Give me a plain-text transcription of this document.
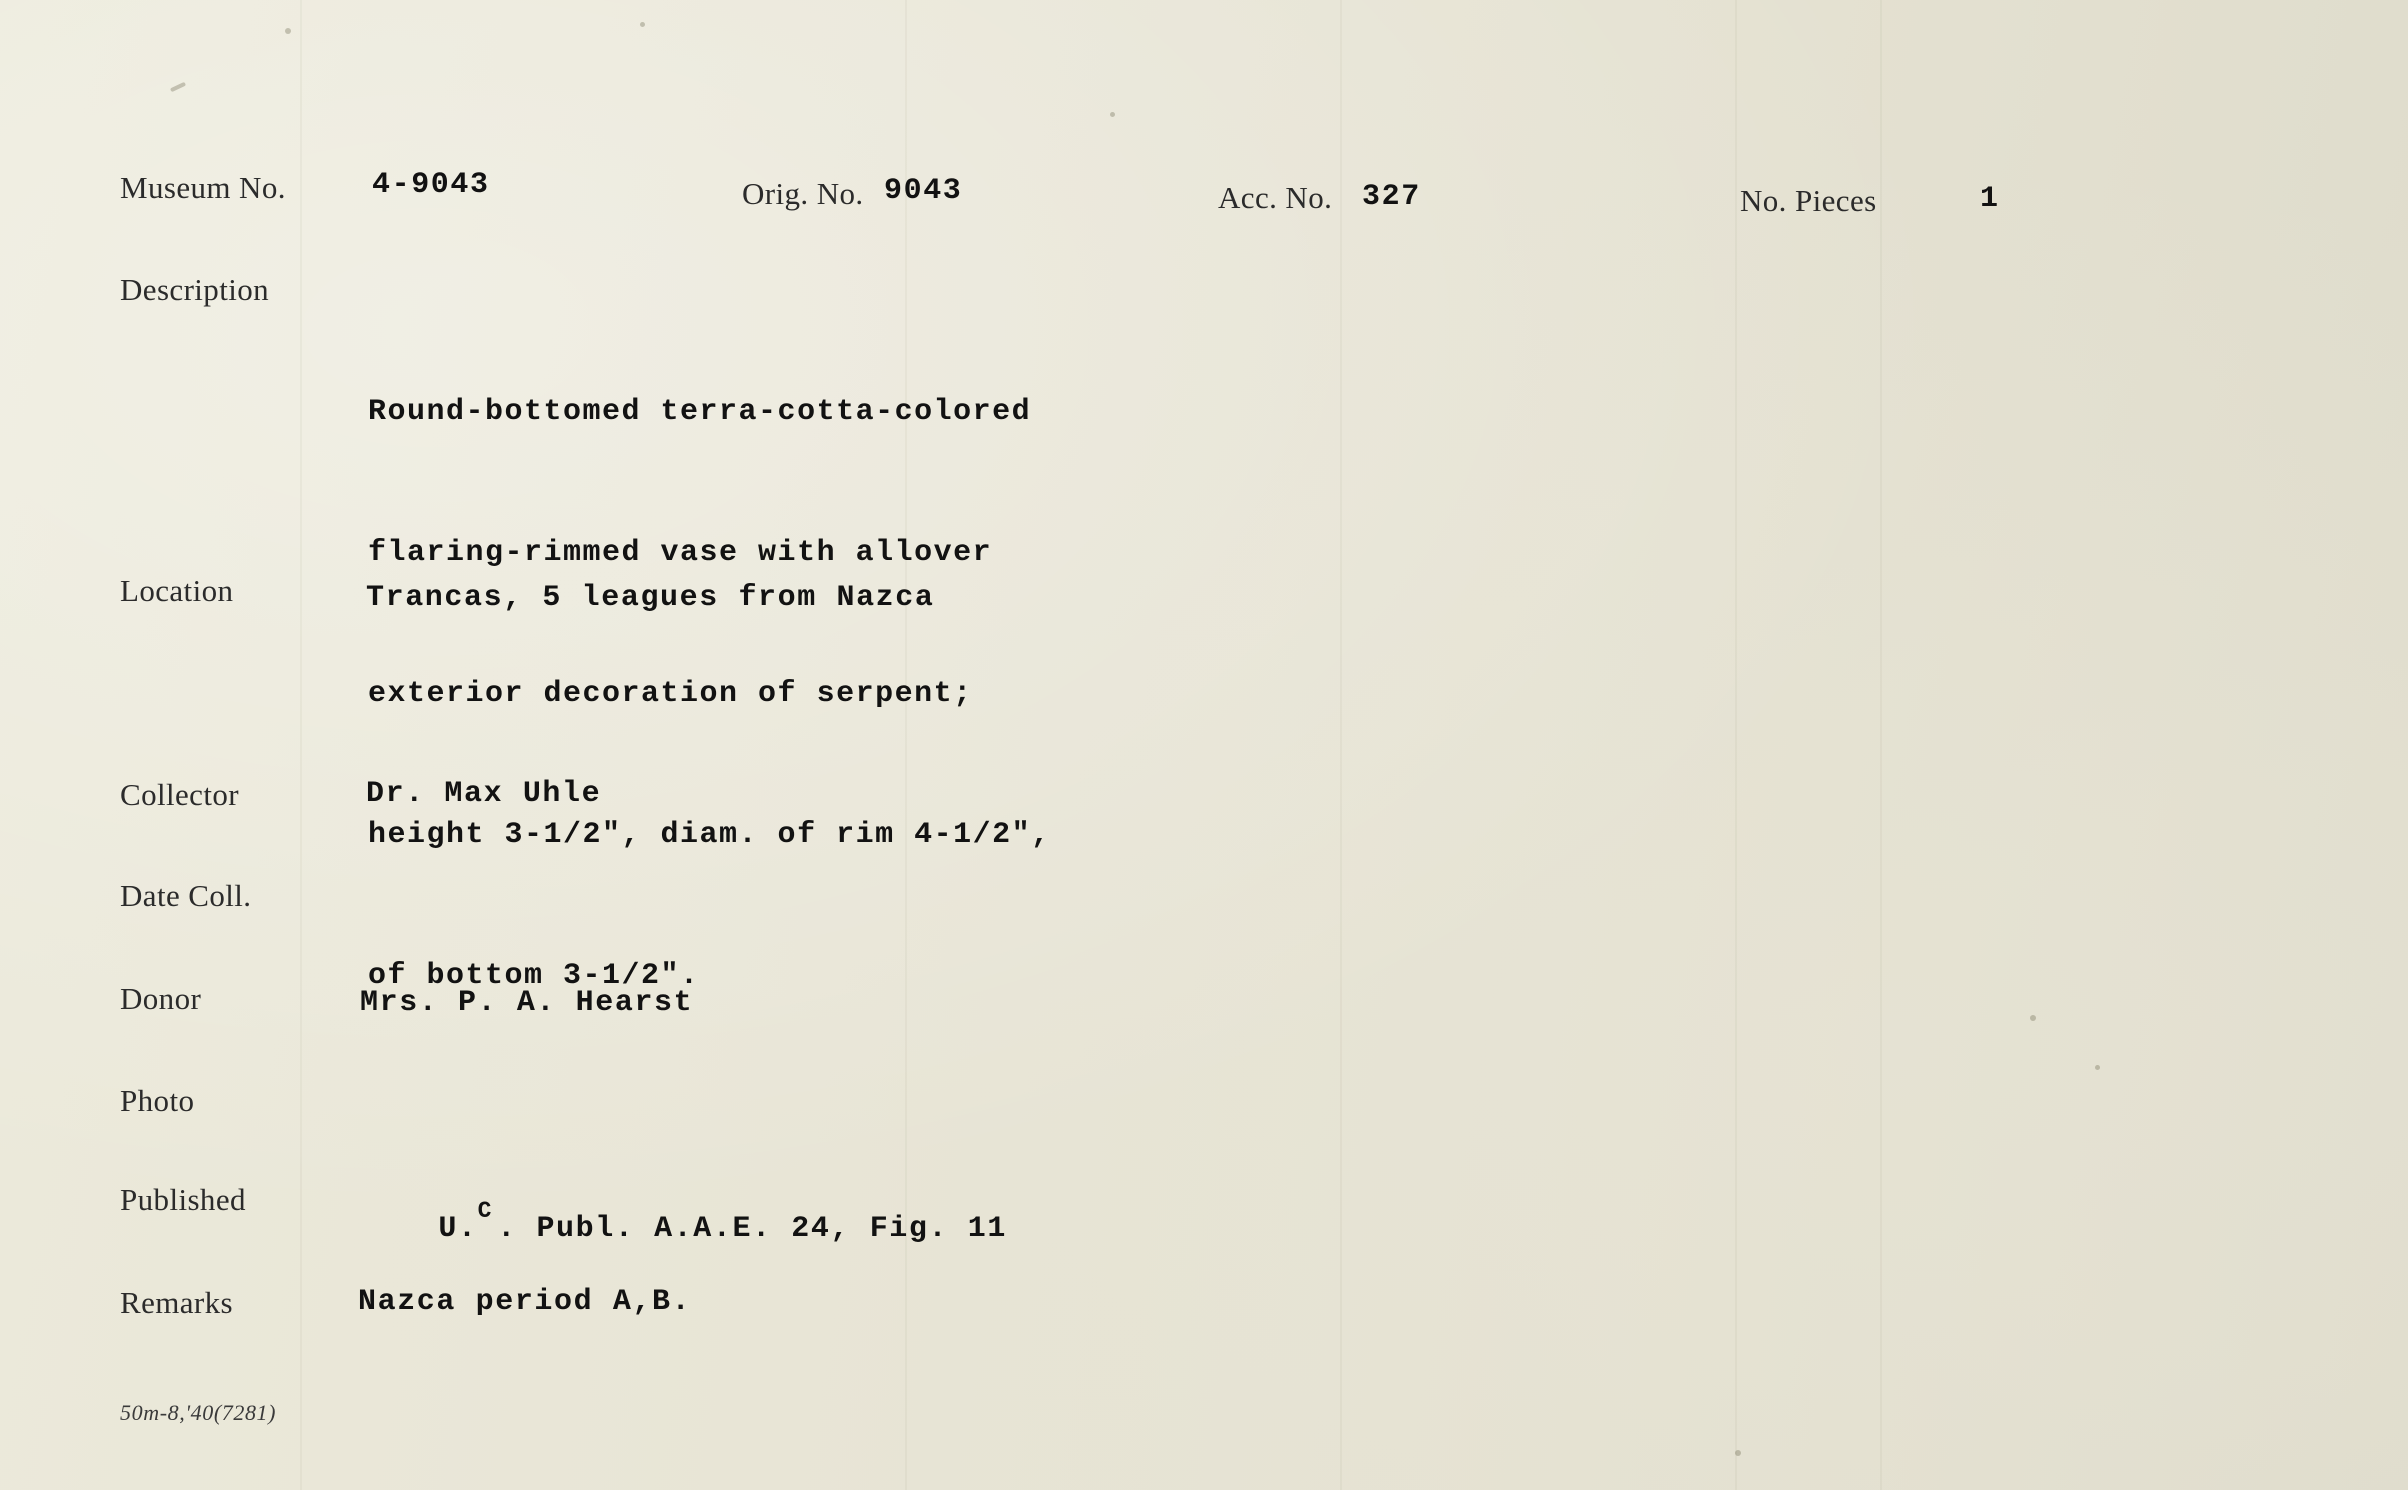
Museum No.	4-9043	Orig. No. 9043	Acc. No. 327	No. Pieces	1
Description

Round-bottomed terra-cotta-colored

flaring-rimmed vase with allover

exterior decoration of serpent;

height 3-1/2", diam. of rim 4-1/2",

of bottom 3-1/2".

Location	Trancas, 5 leagues from Nazca
Collector	Dr. Max Uhle
Date Coll.
Donor	Mrs. P. A. Hearst
Photo
Published

U.
C
. Publ. A.A.E. 24, Fig. 11

Remarks	Nazca period A,B.
50m-8,'40(7281)
